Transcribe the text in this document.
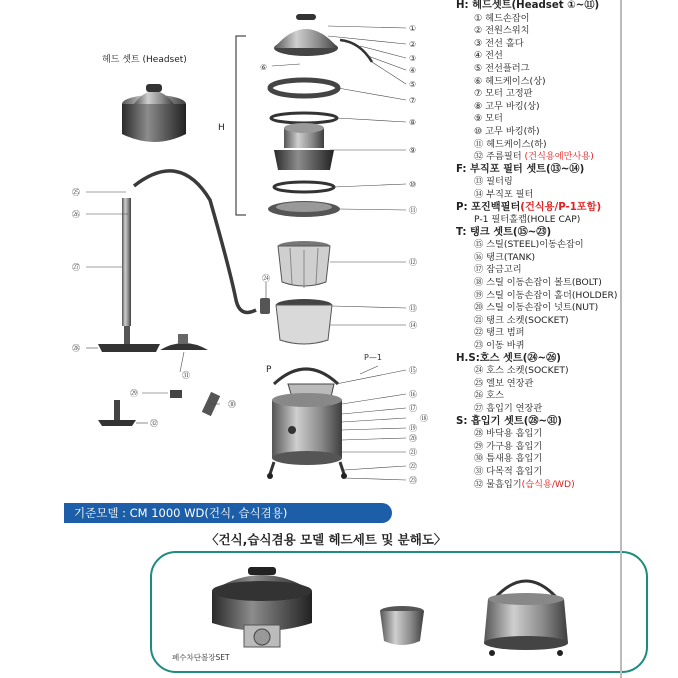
헤드 셋트 (Headset)
H
P
P—1
①
②
③
④
⑤
⑥
⑦
⑧
⑨
⑩
⑪
⑫
⑬
⑭
⑮
⑯
⑰
⑱
⑲
⑳
㉑
㉒
㉓
㉔
㉕
㉖
㉗
㉘
㉙
㉚
㉛
㉜
H: 헤드셋트(Headset ①~⑪)
① 헤드손잡이
② 전원스위치
③ 전선 홀다
④ 전선
⑤ 전선플러그
⑥ 헤드케이스(상)
⑦ 모터 고정판
⑧ 고무 바킹(상)
⑨ 모터
⑩ 고무 바킹(하)
⑪ 헤드케이스(하)
㉜ 주름필터 (건식용에만사용)
F: 부직포 필터 셋트(⑬~⑭)
⑬ 필터링
⑭ 부직포 필터
P: 포진백필터(건식용/P-1포함)
P-1 필터홀캡(HOLE CAP)
T: 탱크 셋트(⑮~㉓)
⑮ 스틸(STEEL)이동손잡이
⑯ 탱크(TANK)
⑰ 잠금고리
⑱ 스틸 이동손잡이 볼트(BOLT)
⑲ 스틸 이동손잡이 홀더(HOLDER)
⑳ 스틸 이동손잡이 넛트(NUT)
㉑ 탱크 소켓(SOCKET)
㉒ 탱크 범퍼
㉓ 이동 바퀴
H.S:호스 셋트(㉔~㉖)
㉔ 호스 소켓(SOCKET)
㉕ 엘보 연장관
㉖ 호스
㉗ 흡입기 연장관
S: 흡입기 셋트(㉘~㉛)
㉘ 바닥용 흡입기
㉙ 가구용 흡입기
㉚ 틈새용 흡입기
㉛ 다목적 흡입기
㉜ 물흡입기(습식용/WD)
기준모델 : CM 1000 WD(건식, 습식겸용)
〈건식,습식겸용 모델 헤드세트 및 분해도〉
폐수차단볼장SET
